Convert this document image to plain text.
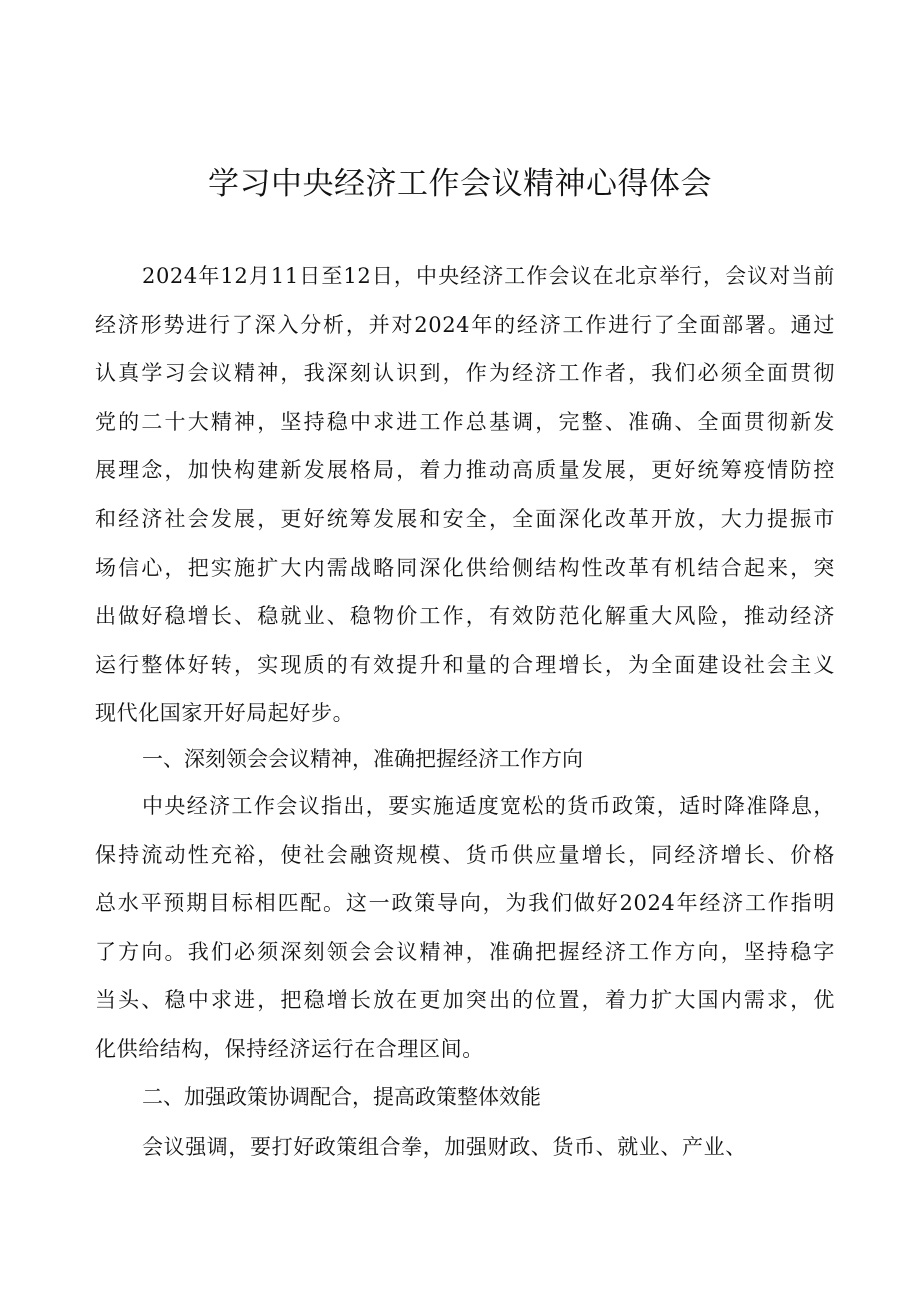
学习中央经济工作会议精神心得体会
2024年12月11日至12日，中央经济工作会议在北京举行，会议对当前
经济形势进行了深入分析，并对2024年的经济工作进行了全面部署。通过
认真学习会议精神，我深刻认识到，作为经济工作者，我们必须全面贯彻
党的二十大精神，坚持稳中求进工作总基调，完整、准确、全面贯彻新发
展理念，加快构建新发展格局，着力推动高质量发展，更好统筹疫情防控
和经济社会发展，更好统筹发展和安全，全面深化改革开放，大力提振市
场信心，把实施扩大内需战略同深化供给侧结构性改革有机结合起来，突
出做好稳增长、稳就业、稳物价工作，有效防范化解重大风险，推动经济
运行整体好转，实现质的有效提升和量的合理增长，为全面建设社会主义
现代化国家开好局起好步。
一、深刻领会会议精神，准确把握经济工作方向
中央经济工作会议指出，要实施适度宽松的货币政策，适时降准降息，
保持流动性充裕，使社会融资规模、货币供应量增长，同经济增长、价格
总水平预期目标相匹配。这一政策导向，为我们做好2024年经济工作指明
了方向。我们必须深刻领会会议精神，准确把握经济工作方向，坚持稳字
当头、稳中求进，把稳增长放在更加突出的位置，着力扩大国内需求，优
化供给结构，保持经济运行在合理区间。
二、加强政策协调配合，提高政策整体效能
会议强调，要打好政策组合拳，加强财政、货币、就业、产业、
